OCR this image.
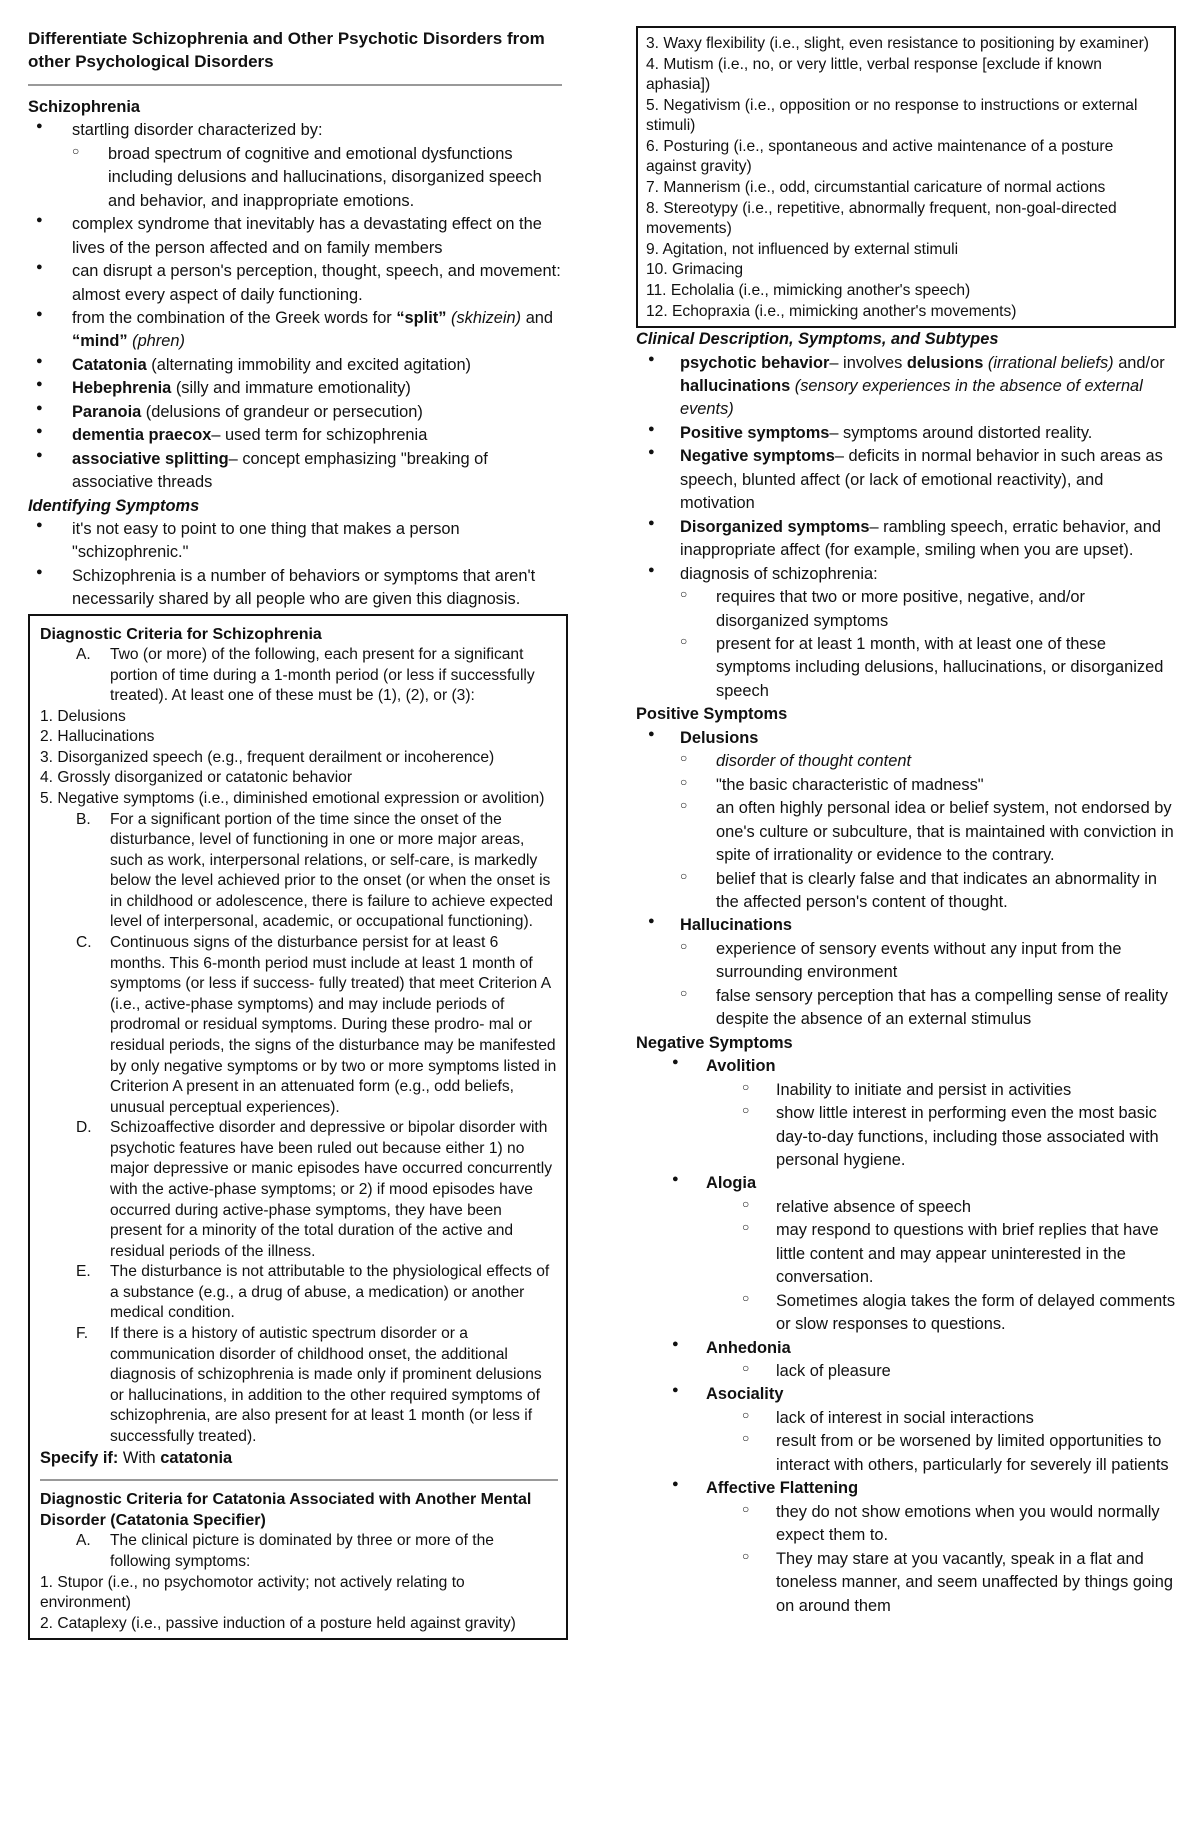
Differentiate Schizophrenia and Other Psychotic Disorders from other Psychological Disorders
Schizophrenia
● startling disorder characterized by:
○ broad spectrum of cognitive and emotional dysfunctions including delusions and hallucinations, disorganized speech and behavior, and inappropriate emotions.
● complex syndrome that inevitably has a devastating effect on the lives of the person affected and on family members
● can disrupt a person's perception, thought, speech, and movement: almost every aspect of daily functioning.
● from the combination of the Greek words for “split” (skhizein) and “mind” (phren)
● Catatonia (alternating immobility and excited agitation)
● Hebephrenia (silly and immature emotionality)
● Paranoia (delusions of grandeur or persecution)
● dementia praecox– used term for schizophrenia
● associative splitting– concept emphasizing "breaking of associative threads
Identifying Symptoms
● it's not easy to point to one thing that makes a person "schizophrenic."
● Schizophrenia is a number of behaviors or symptoms that aren't necessarily shared by all people who are given this diagnosis.
Diagnostic Criteria for Schizophrenia
A. Two (or more) of the following, each present for a significant portion of time during a 1-month period (or less if successfully treated). At least one of these must be (1), (2), or (3):
1. Delusions
2. Hallucinations
3. Disorganized speech (e.g., frequent derailment or incoherence)
4. Grossly disorganized or catatonic behavior
5. Negative symptoms (i.e., diminished emotional expression or avolition)
B. For a significant portion of the time since the onset of the disturbance, level of functioning in one or more major areas, such as work, interpersonal relations, or self-care, is markedly below the level achieved prior to the onset (or when the onset is in childhood or adolescence, there is failure to achieve expected level of interpersonal, academic, or occupational functioning).
C. Continuous signs of the disturbance persist for at least 6 months. This 6-month period must include at least 1 month of symptoms (or less if success- fully treated) that meet Criterion A (i.e., active-phase symptoms) and may include periods of prodromal or residual symptoms. During these prodro- mal or residual periods, the signs of the disturbance may be manifested by only negative symptoms or by two or more symptoms listed in Criterion A present in an attenuated form (e.g., odd beliefs, unusual perceptual experiences).
D. Schizoaffective disorder and depressive or bipolar disorder with psychotic features have been ruled out because either 1) no major depressive or manic episodes have occurred concurrently with the active-phase symptoms; or 2) if mood episodes have occurred during active-phase symptoms, they have been present for a minority of the total duration of the active and residual periods of the illness.
E. The disturbance is not attributable to the physiological effects of a substance (e.g., a drug of abuse, a medication) or another medical condition.
F. If there is a history of autistic spectrum disorder or a communication disorder of childhood onset, the additional diagnosis of schizophrenia is made only if prominent delusions or hallucinations, in addition to the other required symptoms of schizophrenia, are also present for at least 1 month (or less if successfully treated).
Specify if: With catatonia
Diagnostic Criteria for Catatonia Associated with Another Mental Disorder (Catatonia Specifier)
A. The clinical picture is dominated by three or more of the following symptoms:
1. Stupor (i.e., no psychomotor activity; not actively relating to environment)
2. Cataplexy (i.e., passive induction of a posture held against gravity)
3. Waxy flexibility (i.e., slight, even resistance to positioning by examiner)
4. Mutism (i.e., no, or very little, verbal response [exclude if known aphasia])
5. Negativism (i.e., opposition or no response to instructions or external stimuli)
6. Posturing (i.e., spontaneous and active maintenance of a posture against gravity)
7. Mannerism (i.e., odd, circumstantial caricature of normal actions
8. Stereotypy (i.e., repetitive, abnormally frequent, non-goal-directed movements)
9. Agitation, not influenced by external stimuli
10. Grimacing
11. Echolalia (i.e., mimicking another's speech)
12. Echopraxia (i.e., mimicking another's movements)
Clinical Description, Symptoms, and Subtypes
● psychotic behavior– involves delusions (irrational beliefs) and/or hallucinations (sensory experiences in the absence of external events)
● Positive symptoms– symptoms around distorted reality.
● Negative symptoms– deficits in normal behavior in such areas as speech, blunted affect (or lack of emotional reactivity), and motivation
● Disorganized symptoms– rambling speech, erratic behavior, and inappropriate affect (for example, smiling when you are upset).
● diagnosis of schizophrenia:
○ requires that two or more positive, negative, and/or disorganized symptoms
○ present for at least 1 month, with at least one of these symptoms including delusions, hallucinations, or disorganized speech
Positive Symptoms
● Delusions
○ disorder of thought content
○ "the basic characteristic of madness"
○ an often highly personal idea or belief system, not endorsed by one's culture or subculture, that is maintained with conviction in spite of irrationality or evidence to the contrary.
○ belief that is clearly false and that indicates an abnormality in the affected person's content of thought.
● Hallucinations
○ experience of sensory events without any input from the surrounding environment
○ false sensory perception that has a compelling sense of reality despite the absence of an external stimulus
Negative Symptoms
● Avolition
○ Inability to initiate and persist in activities
○ show little interest in performing even the most basic day-to-day functions, including those associated with personal hygiene.
● Alogia
○ relative absence of speech
○ may respond to questions with brief replies that have little content and may appear uninterested in the conversation.
○ Sometimes alogia takes the form of delayed comments or slow responses to questions.
● Anhedonia
○ lack of pleasure
● Asociality
○ lack of interest in social interactions
○ result from or be worsened by limited opportunities to interact with others, particularly for severely ill patients
● Affective Flattening
○ they do not show emotions when you would normally expect them to.
○ They may stare at you vacantly, speak in a flat and toneless manner, and seem unaffected by things going on around them
